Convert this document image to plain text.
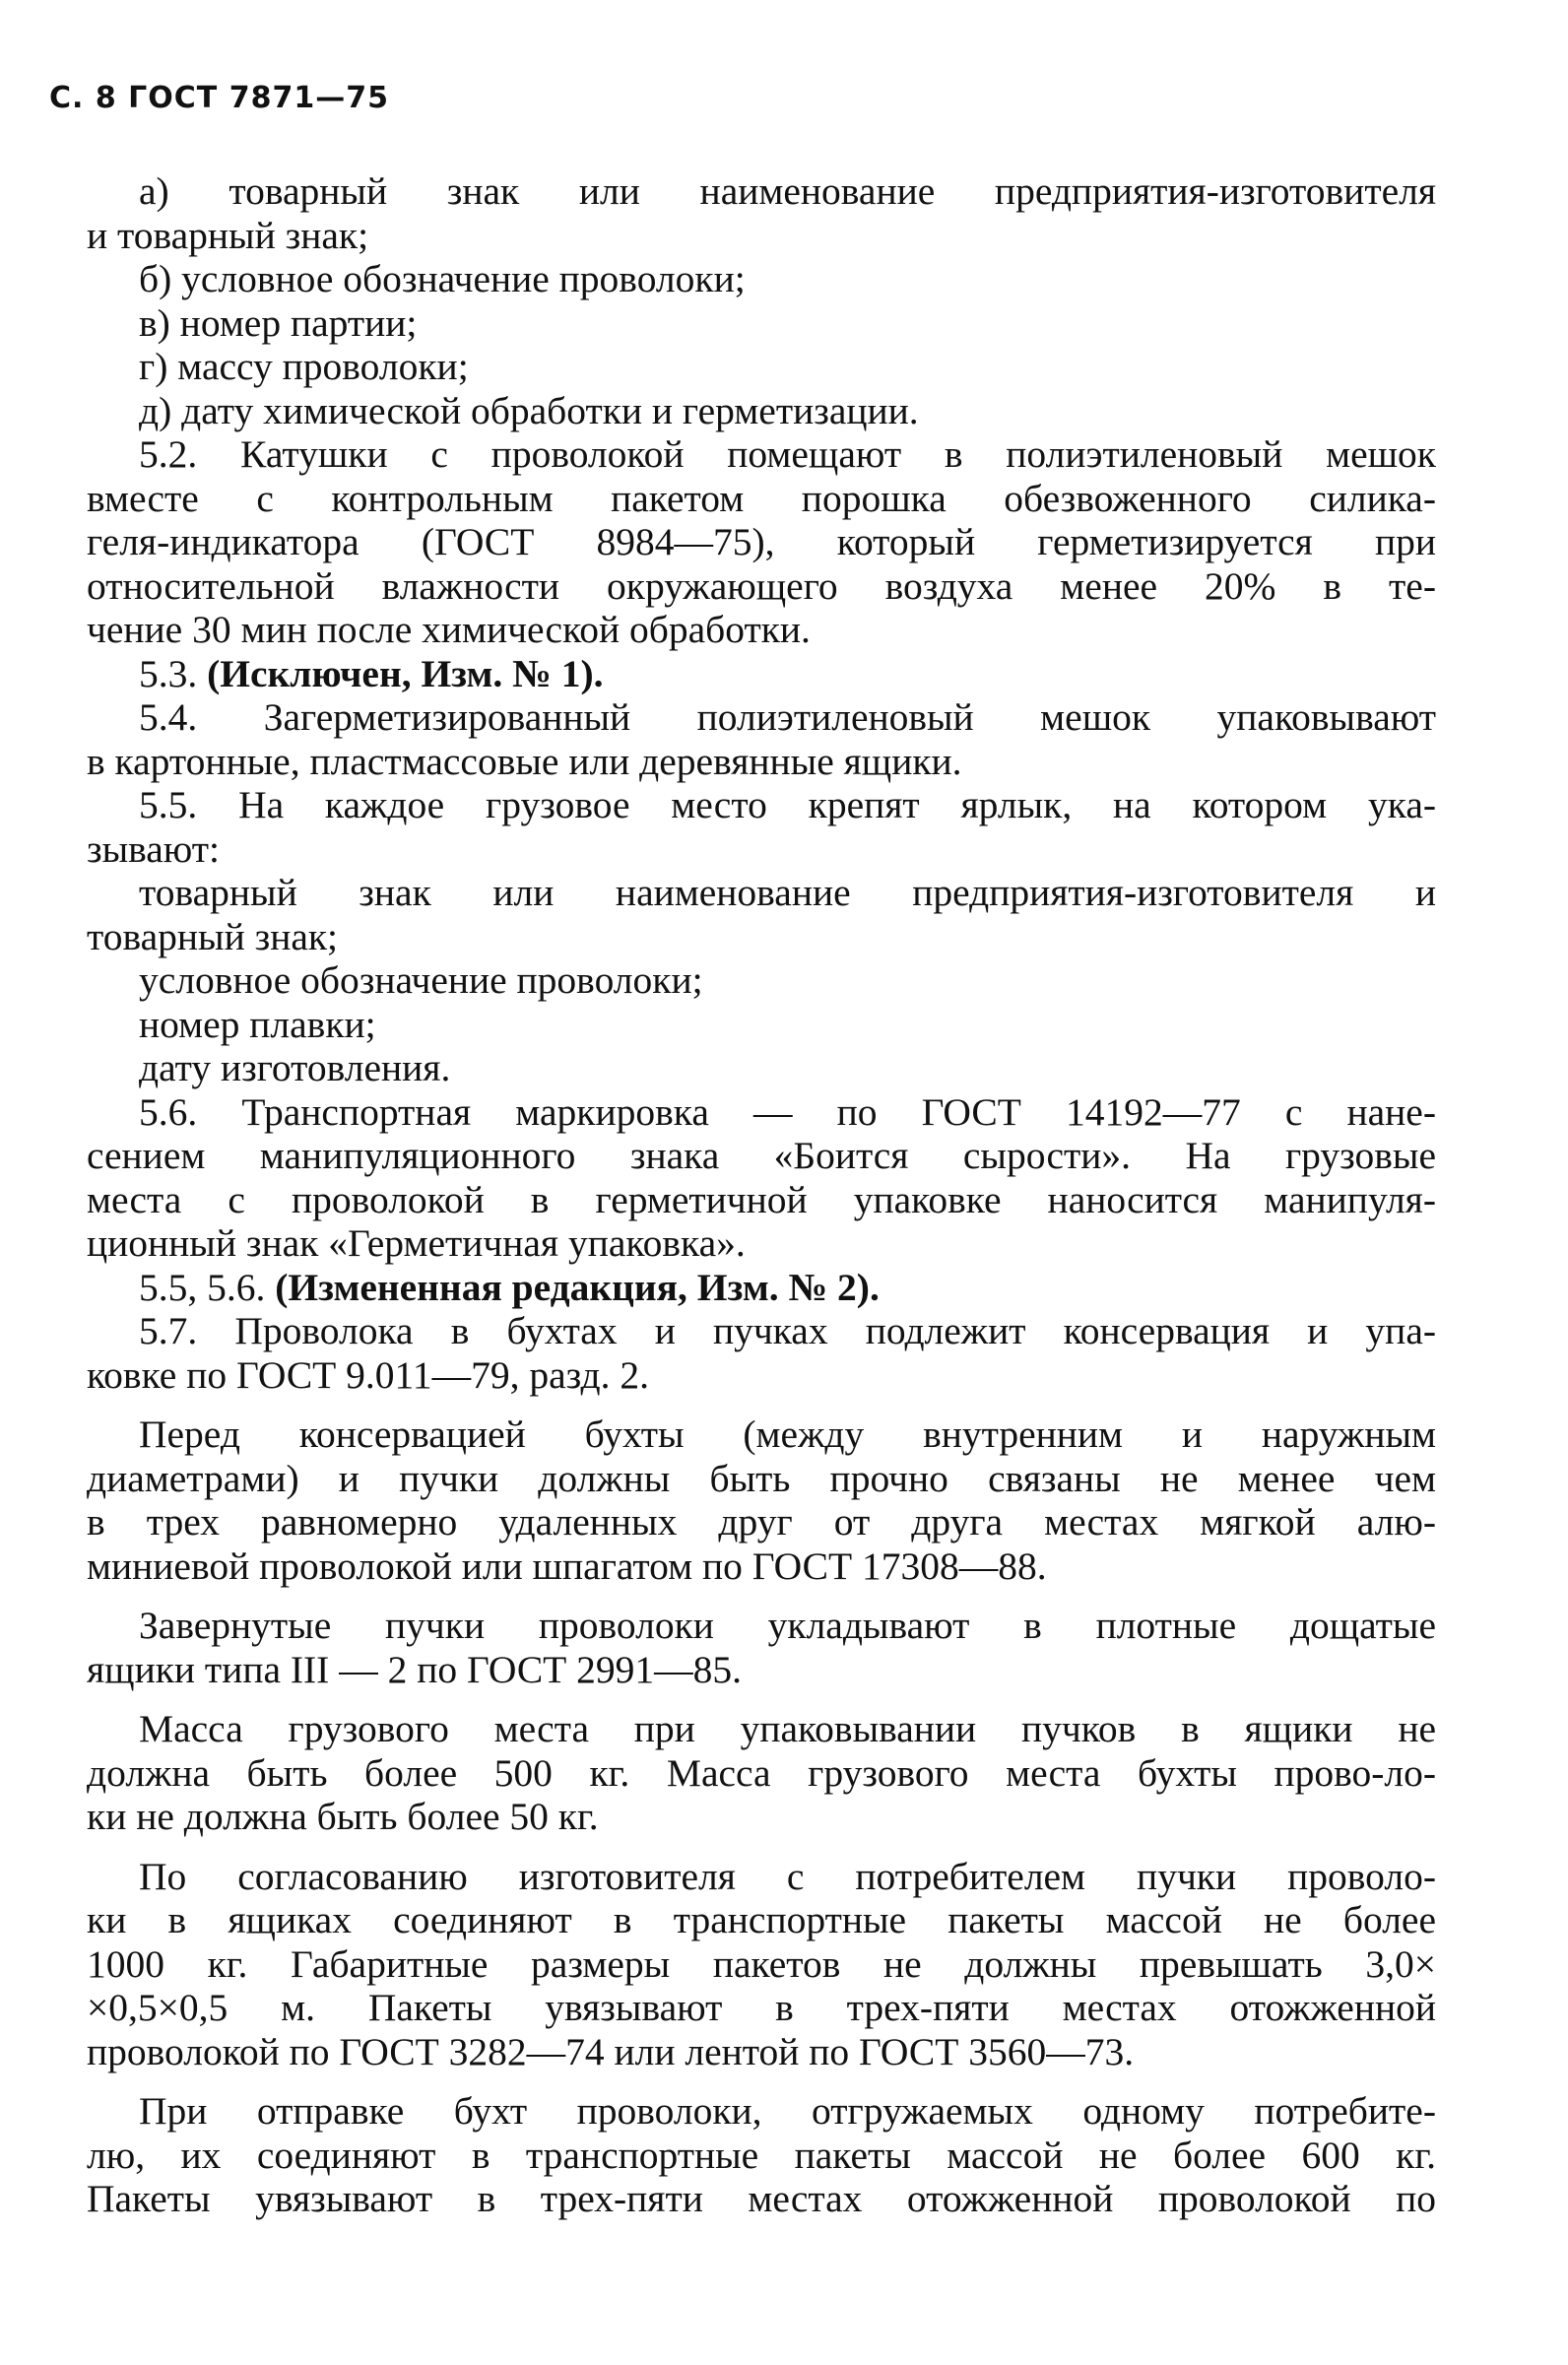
С. 8 ГОСТ 7871—75
а) товарный знак или наименование предприятия-изготовителя
и товарный знак;
б) условное обозначение проволоки;
в) номер партии;
г) массу проволоки;
д) дату химической обработки и герметизации.
5.2. Катушки с проволокой помещают в полиэтиленовый мешок
вместе с контрольным пакетом порошка обезвоженного силика-
геля-индикатора (ГОСТ 8984—75), который герметизируется при
относительной влажности окружающего воздуха менее 20% в те-
чение 30 мин после химической обработки.
5.3. (Исключен, Изм. № 1).
5.4. Загерметизированный полиэтиленовый мешок упаковывают
в картонные, пластмассовые или деревянные ящики.
5.5. На каждое грузовое место крепят ярлык, на котором ука-
зывают:
товарный знак или наименование предприятия-изготовителя и
товарный знак;
условное обозначение проволоки;
номер плавки;
дату изготовления.
5.6. Транспортная маркировка — по ГОСТ 14192—77 с нане-
сением манипуляционного знака «Боится сырости». На грузовые
места с проволокой в герметичной упаковке наносится манипуля-
ционный знак «Герметичная упаковка».
5.5, 5.6. (Измененная редакция, Изм. № 2).
5.7. Проволока в бухтах и пучках подлежит консервация и упа-
ковке по ГОСТ 9.011—79, разд. 2.
Перед консервацией бухты (между внутренним и наружным
диаметрами) и пучки должны быть прочно связаны не менее чем
в трех равномерно удаленных друг от друга местах мягкой алю-
миниевой проволокой или шпагатом по ГОСТ 17308—88.
Завернутые пучки проволоки укладывают в плотные дощатые
ящики типа III — 2 по ГОСТ 2991—85.
Масса грузового места при упаковывании пучков в ящики не
должна быть более 500 кг. Масса грузового места бухты прово-ло-
ки не должна быть более 50 кг.
По согласованию изготовителя с потребителем пучки проволо-
ки в ящиках соединяют в транспортные пакеты массой не более
1000 кг. Габаритные размеры пакетов не должны превышать 3,0×
×0,5×0,5 м. Пакеты увязывают в трех-пяти местах отожженной
проволокой по ГОСТ 3282—74 или лентой по ГОСТ 3560—73.
При отправке бухт проволоки, отгружаемых одному потребите-
лю, их соединяют в транспортные пакеты массой не более 600 кг.
Пакеты увязывают в трех-пяти местах отожженной проволокой по
